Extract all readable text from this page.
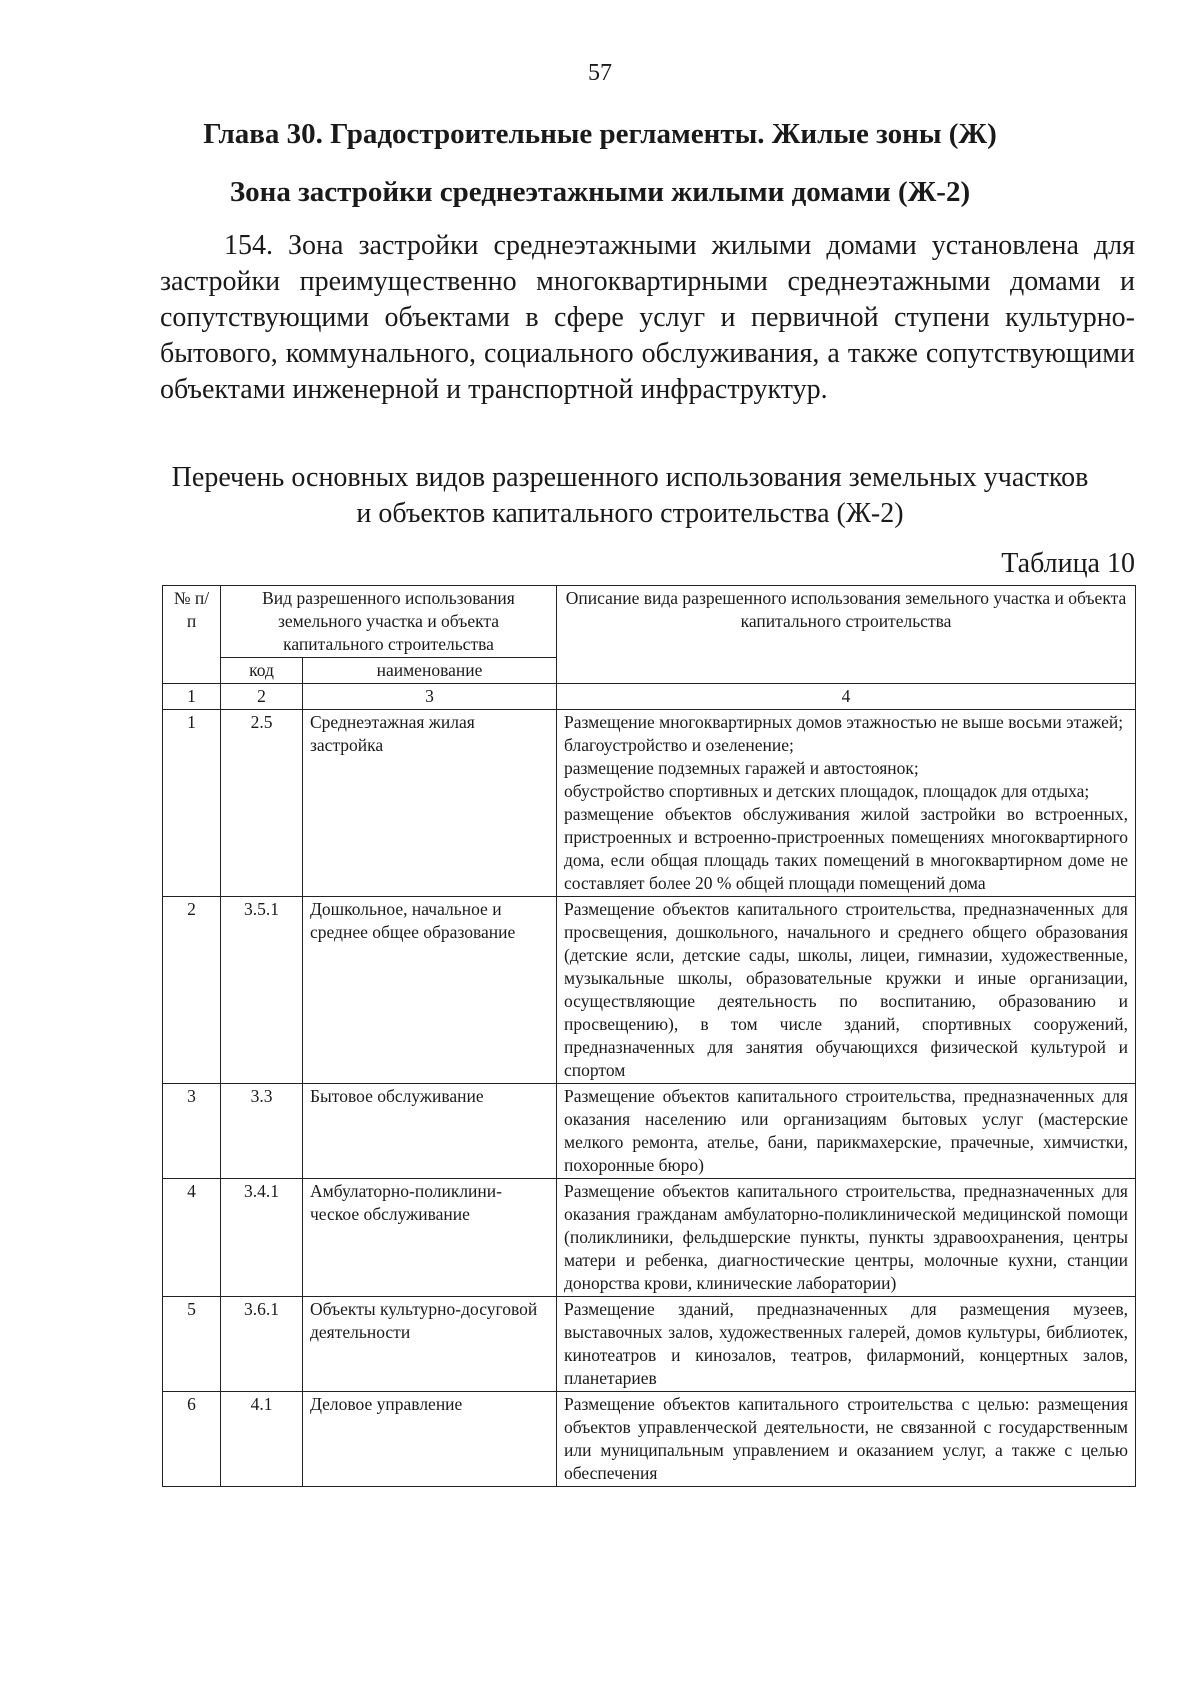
57
Глава 30. Градостроительные регламенты. Жилые зоны (Ж)
Зона застройки среднеэтажными жилыми домами (Ж-2)

154. Зона застройки среднеэтажными жилыми домами установлена для застройки преимущественно многоквартирными среднеэтажными домами и сопутствующими объектами в сфере услуг и первичной ступени культурно-бытового, коммунального, социального обслуживания, а также сопутствующими объектами инженерной и транспортной инфраструктур.

Перечень основных видов разрешенного использования земельных участков
и объектов капитального строительства (Ж-2)
Таблица 10
№ п/п	Вид разрешенного использования земельного участка и объекта капитального строительства		Описание вида разрешенного использования земельного участка и объекта капитального строительства
	код	наименование	
1	2	3	4
1	2.5	Среднеэтажная жилая застройка	Размещение многоквартирных домов этажностью не выше восьми этажей;
благоустройство и озеленение;
размещение подземных гаражей и автостоянок;
обустройство спортивных и детских площадок, площадок для отдыха;
размещение объектов обслуживания жилой застройки во встроенных, пристроенных и встроенно-пристроенных помещениях многоквартирного дома, если общая площадь таких помещений в многоквартирном доме не составляет более 20 % общей площади помещений дома

2	3.5.1	Дошкольное, начальное и среднее общее образование	Размещение объектов капитального строительства, предназначенных для просвещения, дошкольного, начального и среднего общего образования (детские ясли, детские сады, школы, лицеи, гимназии, художественные, музыкальные школы, образовательные кружки и иные организации, осуществляющие деятельность по воспитанию, образованию и просвещению), в том числе зданий, спортивных сооружений, предназначенных для занятия обучающихся физической культурой и спортом

3	3.3	Бытовое обслуживание	Размещение объектов капитального строительства, предназначенных для оказания населению или организациям бытовых услуг (мастерские мелкого ремонта, ателье, бани, парикмахерские, прачечные, химчистки, похоронные бюро)

4	3.4.1	Амбулаторно-поликлини-ческое обслуживание	Размещение объектов капитального строительства, предназначенных для оказания гражданам амбулаторно-поликлинической медицинской помощи (поликлиники, фельдшерские пункты, пункты здравоохранения, центры матери и ребенка, диагностические центры, молочные кухни, станции донорства крови, клинические лаборатории)

5	3.6.1	Объекты культурно-досуговой деятельности	Размещение зданий, предназначенных для размещения музеев, выставочных залов, художественных галерей, домов культуры, библиотек, кинотеатров и кинозалов, театров, филармоний, концертных залов, планетариев

6	4.1	Деловое управление	Размещение объектов капитального строительства с целью: размещения объектов управленческой деятельности, не связанной с государственным или муниципальным управлением и оказанием услуг, а также с целью обеспечения
